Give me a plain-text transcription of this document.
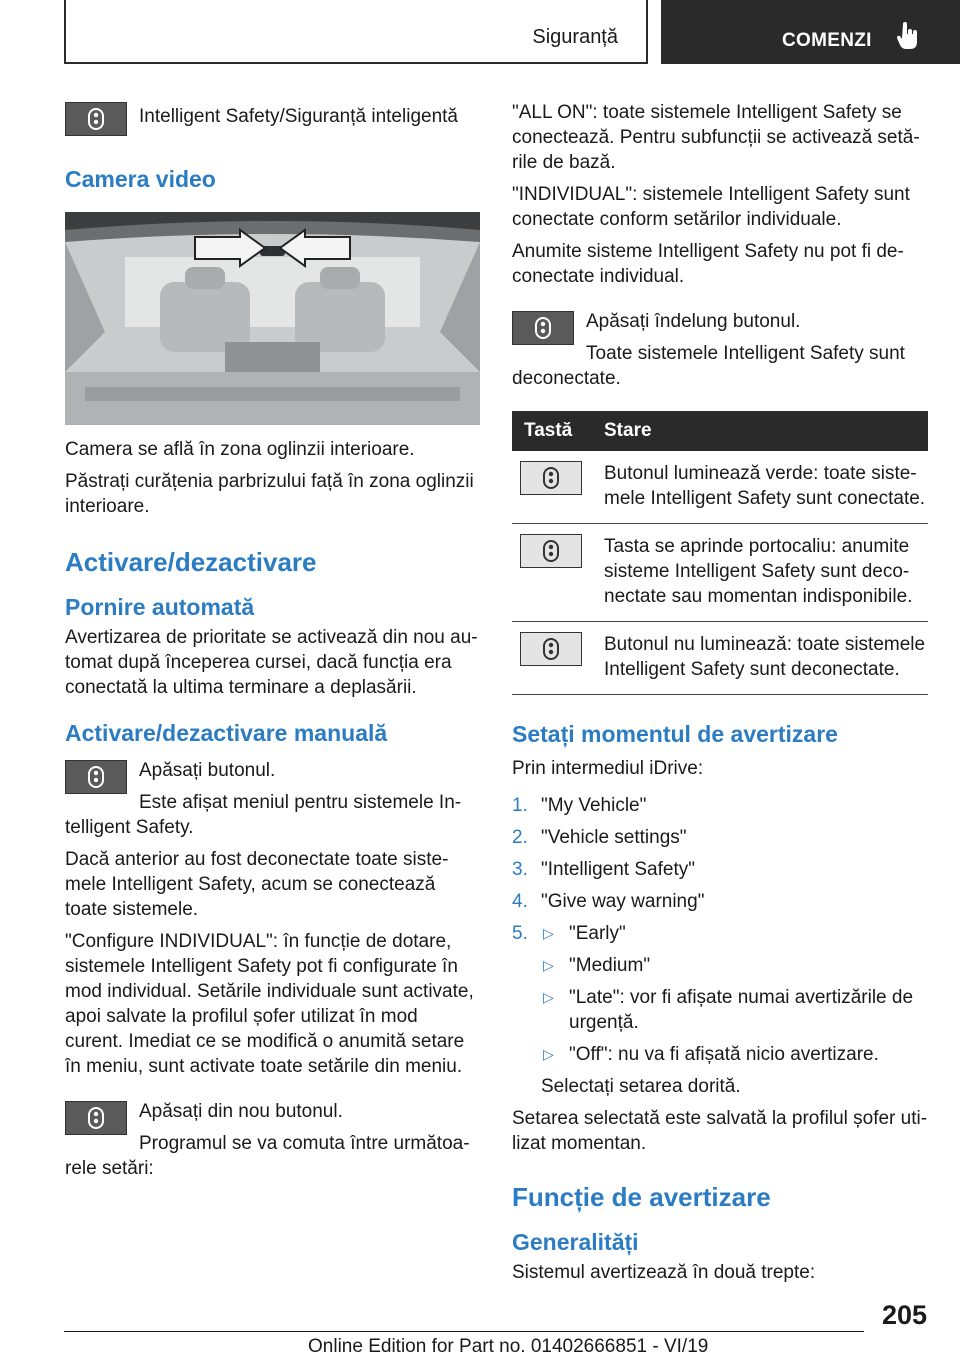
Siguranță	COMENZI

Intelligent Safety/Siguranță inteligentă

Camera video

Camera se află în zona oglinzii interioare.

Păstrați curățenia parbrizului față în zona oglinzii interioare.

Activare/dezactivare
Pornire automată

Avertizarea de prioritate se activează din nou automat după începerea cursei, dacă funcția era conectată la ultima terminare a deplasării.

Activare/dezactivare manuală

Apăsați butonul.

Este afișat meniul pentru sistemele Intelligent Safety.

Dacă anterior au fost deconectate toate sistemele Intelligent Safety, acum se conectează toate sistemele.

"Configure INDIVIDUAL": în funcție de dotare, sistemele Intelligent Safety pot fi configurate în mod individual. Setările individuale sunt activate, apoi salvate la profilul șofer utilizat în mod curent. Imediat ce se modifică o anumită setare în meniu, sunt activate toate setările din meniu.

Apăsați din nou butonul.

Programul se va comuta între următoarele setări:

"ALL ON": toate sistemele Intelligent Safety se conectează. Pentru subfuncții se activează setările de bază.

"INDIVIDUAL": sistemele Intelligent Safety sunt conectate conform setărilor individuale.

Anumite sisteme Intelligent Safety nu pot fi deconectate individual.

Apăsați îndelung butonul.

Toate sistemele Intelligent Safety sunt deconectate.

Tastă	Stare

	Butonul luminează verde: toate sistemele Intelligent Safety sunt conectate.

	Tasta se aprinde portocaliu: anumite sisteme Intelligent Safety sunt deconectate sau momentan indisponibile.

	Butonul nu luminează: toate sistemele Intelligent Safety sunt deconectate.
Setați momentul de avertizare

Prin intermediul iDrive:

1. "My Vehicle"
2. "Vehicle settings"
3. "Intelligent Safety"
4. "Give way warning"
5. ▷ "Early"
▷ "Medium"
▷ "Late": vor fi afișate numai avertizările de urgență.
▷ "Off": nu va fi afișată nicio avertizare.
Selectați setarea dorită.

Setarea selectată este salvată la profilul șofer utilizat momentan.

Funcție de avertizare
Generalități

Sistemul avertizează în două trepte:

205
Online Edition for Part no. 01402666851 - VI/19
